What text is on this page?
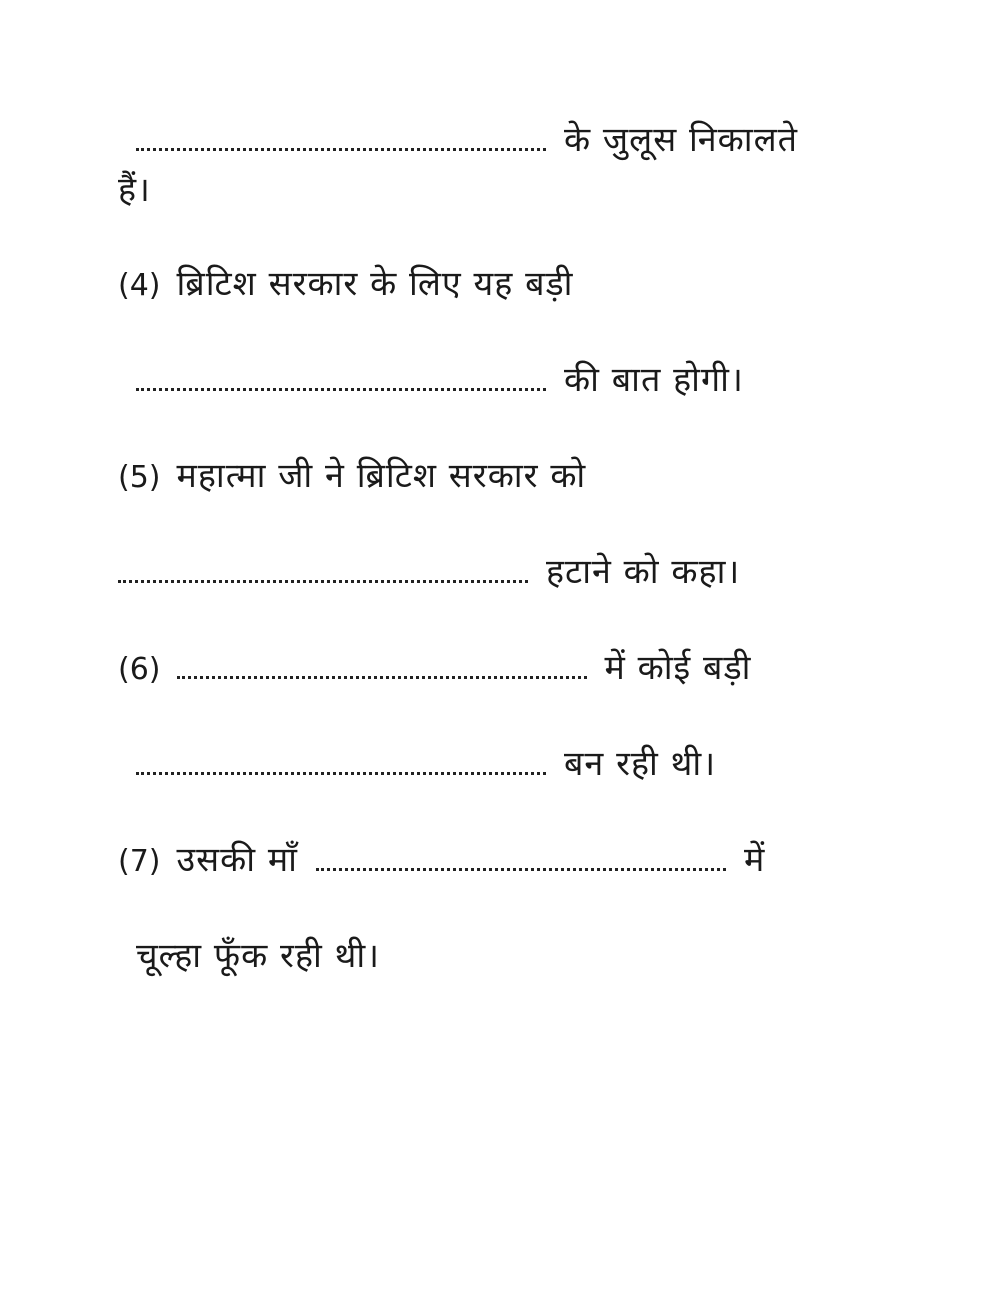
के जुलूस निकालते
हैं।
(4) ब्रिटिश सरकार के लिए यह बड़ी
की बात होगी।
(5) महात्मा जी ने ब्रिटिश सरकार को
हटाने को कहा।
(6)	में कोई बड़ी
बन रही थी।
(7) उसकी माँ	में
चूल्हा फूँक रही थी।
